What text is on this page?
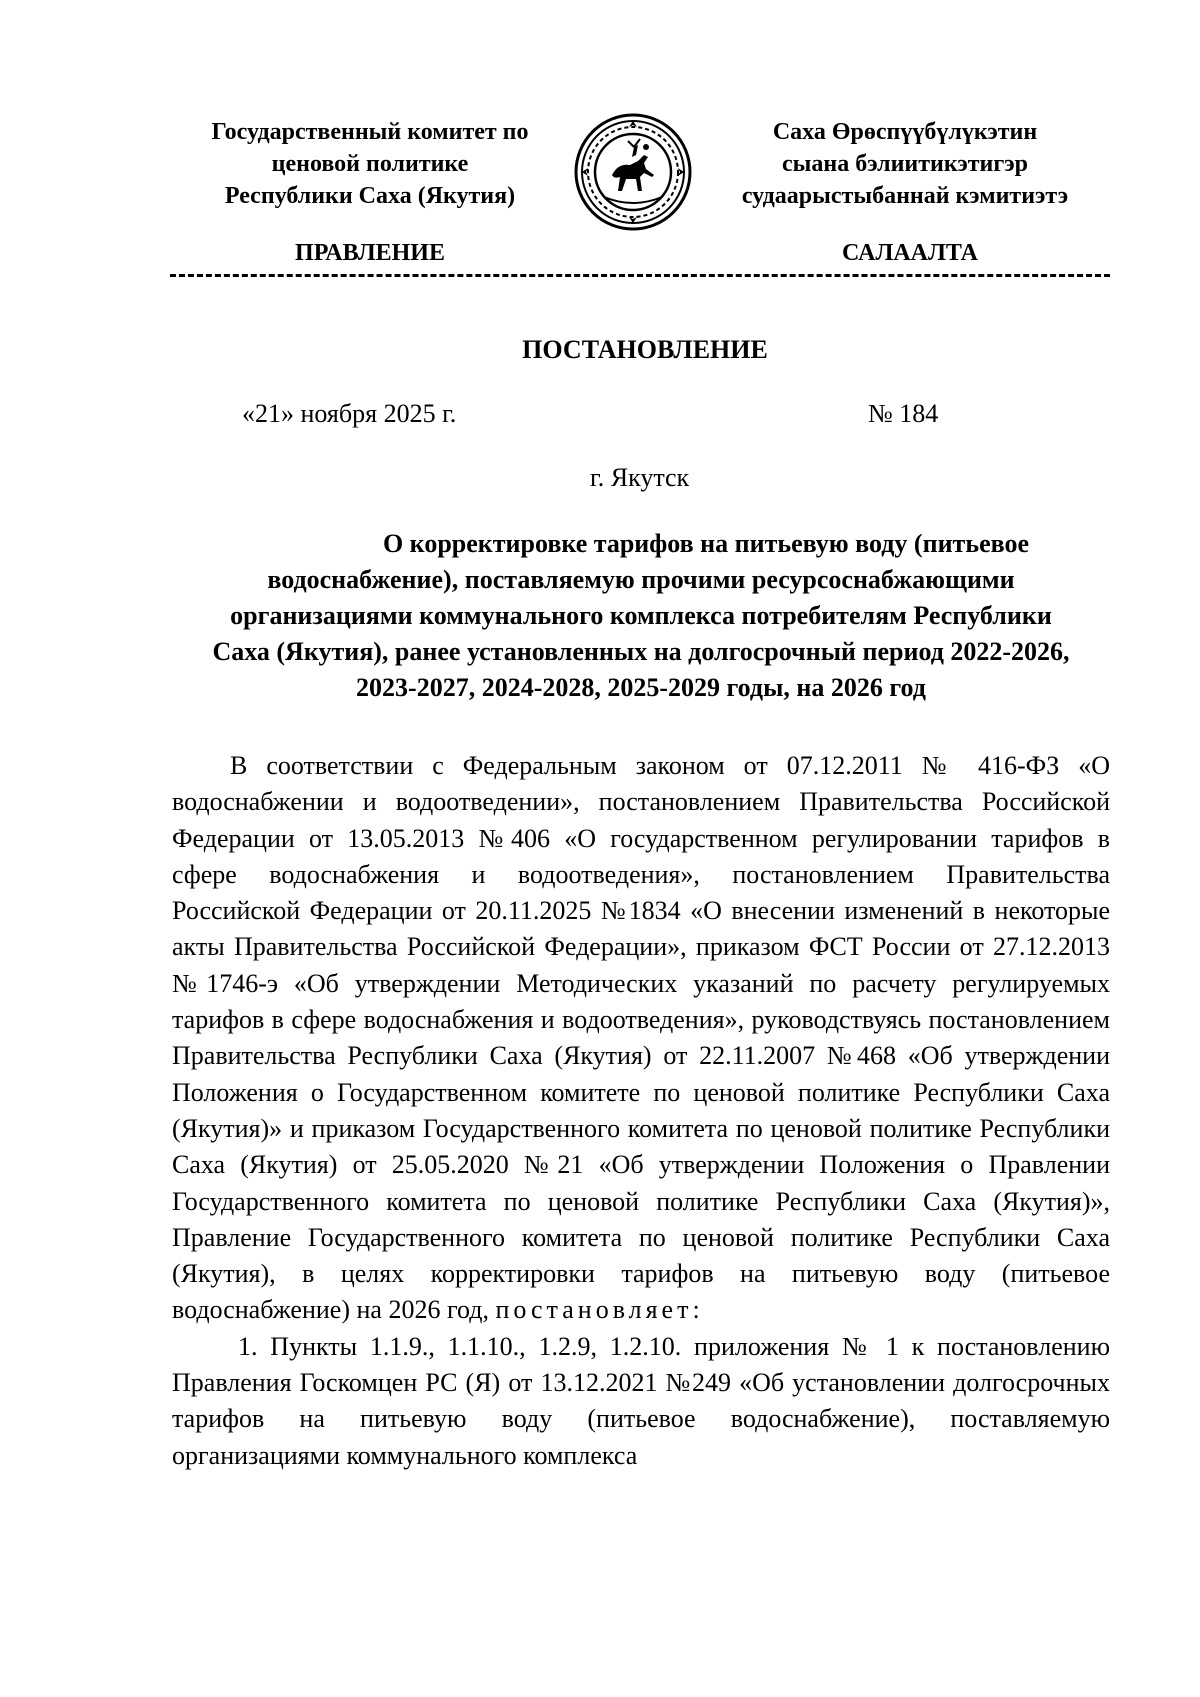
Государственный комитет по
ценовой политике
Республики Саха (Якутия)
Саха Өрөспүүбүлүкэтин
сыана бэлиитикэтигэр
судаарыстыбаннай кэмитиэтэ
ПРАВЛЕНИЕ	САЛААЛТА
ПОСТАНОВЛЕНИЕ
«21» ноября 2025 г.	№ 184
г. Якутск
О корректировке тарифов на питьевую воду (питьевое
водоснабжение), поставляемую прочими ресурсоснабжающими
организациями коммунального комплекса потребителям Республики
Саха (Якутия), ранее установленных на долгосрочный период 2022-2026,
2023-2027, 2024-2028, 2025-2029 годы, на 2026 год

В соответствии с Федеральным законом от 07.12.2011 № 416-ФЗ «О водоснабжении и водоотведении», постановлением Правительства Российской Федерации от 13.05.2013 №406 «О государственном регулировании тарифов в сфере водоснабжения и водоотведения», постановлением Правительства Российской Федерации от 20.11.2025 №1834 «О внесении изменений в некоторые акты Правительства Российской Федерации», приказом ФСТ России от 27.12.2013 №1746-э «Об утверждении Методических указаний по расчету регулируемых тарифов в сфере водоснабжения и водоотведения», руководствуясь постановлением Правительства Республики Саха (Якутия) от 22.11.2007 №468 «Об утверждении Положения о Государственном комитете по ценовой политике Республики Саха (Якутия)» и приказом Государственного комитета по ценовой политике Республики Саха (Якутия) от 25.05.2020 №21 «Об утверждении Положения о Правлении Государственного комитета по ценовой политике Республики Саха (Якутия)», Правление Государственного комитета по ценовой политике Республики Саха (Якутия), в целях корректировки тарифов на питьевую воду (питьевое водоснабжение) на 2026 год, постановляет:

1. Пункты 1.1.9., 1.1.10., 1.2.9, 1.2.10. приложения № 1 к постановлению Правления Госкомцен РС (Я) от 13.12.2021 №249 «Об установлении долгосрочных тарифов на питьевую воду (питьевое водоснабжение), поставляемую организациями коммунального комплекса
